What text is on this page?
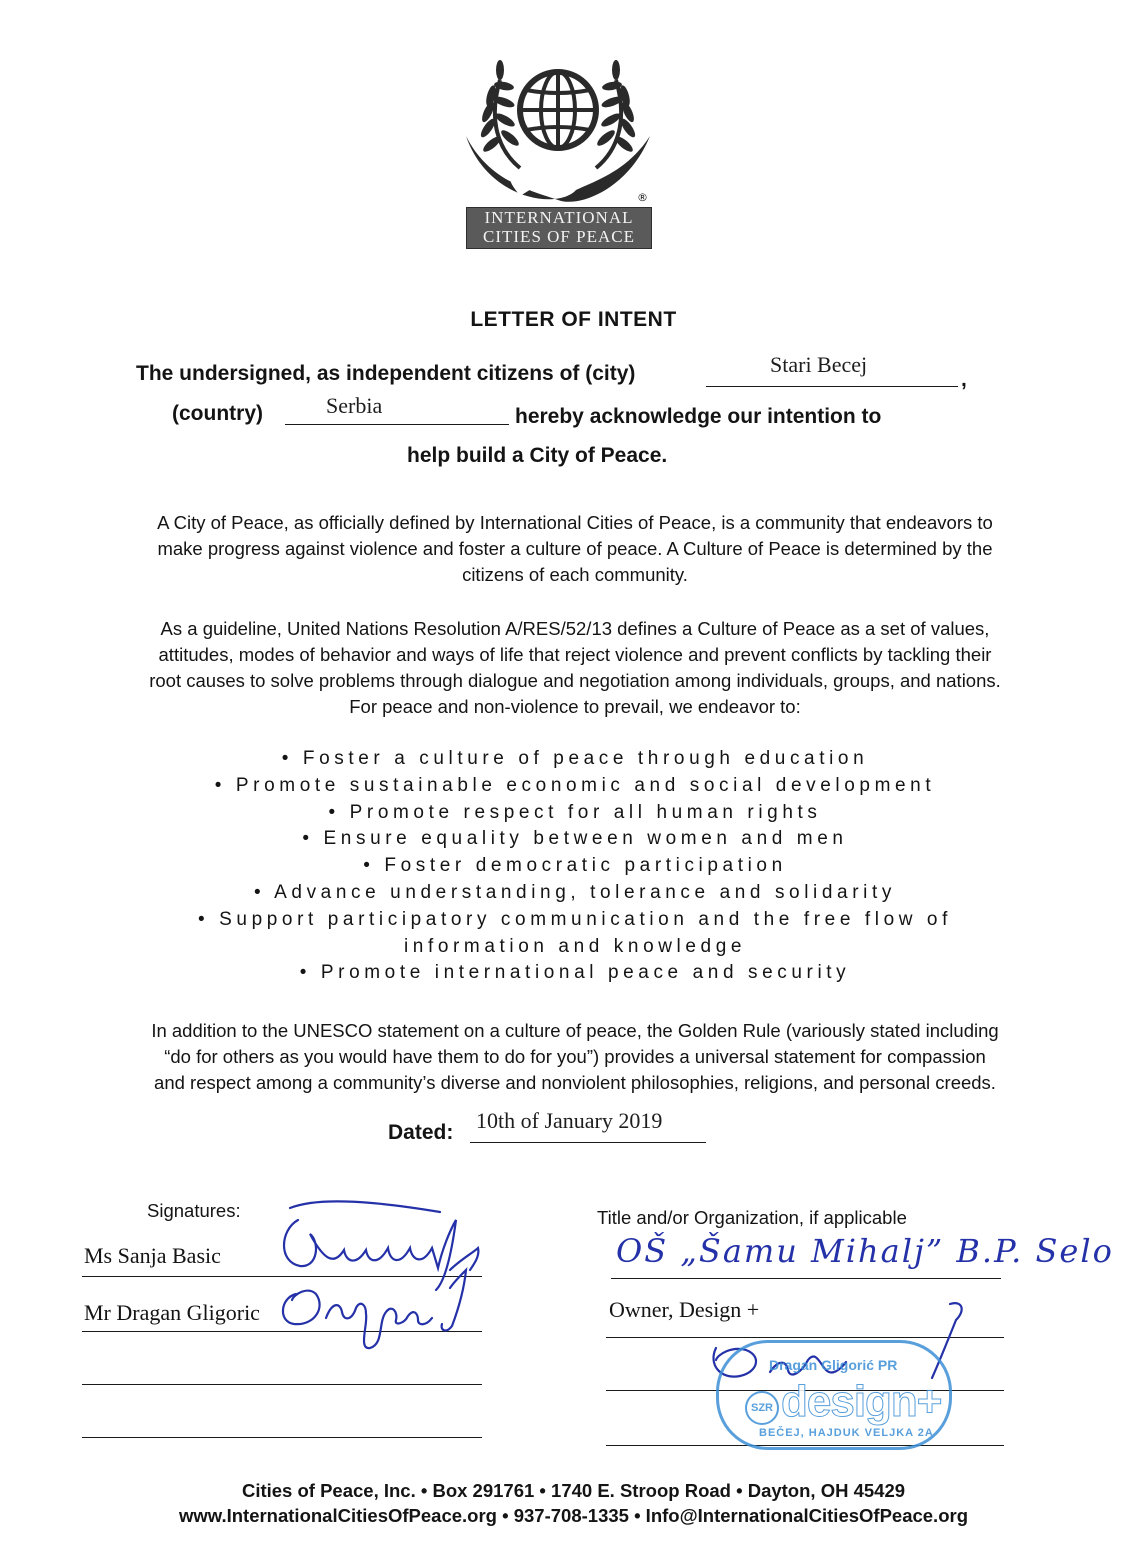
®
INTERNATIONAL
CITIES OF PEACE
LETTER OF INTENT
The undersigned, as independent citizens of (city)	Stari Becej
,
(country)	Serbia	hereby acknowledge our intention to
help build a City of Peace.
A City of Peace, as officially defined by International Cities of Peace, is a community that endeavors to
make progress against violence and foster a culture of peace. A Culture of Peace is determined by the
citizens of each community.
As a guideline, United Nations Resolution A/RES/52/13 defines a Culture of Peace as a set of values,
attitudes, modes of behavior and ways of life that reject violence and prevent conflicts by tackling their
root causes to solve problems through dialogue and negotiation among individuals, groups, and nations.
For peace and non-violence to prevail, we endeavor to:
• Foster a culture of peace through education
• Promote sustainable economic and social development
• Promote respect for all human rights
• Ensure equality between women and men
• Foster democratic participation
• Advance understanding, tolerance and solidarity
• Support participatory communication and the free flow of
information and knowledge
• Promote international peace and security
In addition to the UNESCO statement on a culture of peace, the Golden Rule (variously stated including
“do for others as you would have them to do for you”) provides a universal statement for compassion
and respect among a community’s diverse and nonviolent philosophies, religions, and personal creeds.
Dated: 10th of January 2019
Signatures:
Ms Sanja Basic
Mr Dragan Gligoric
Title and/or Organization, if applicable
OŠ „Šamu Mihalj” B.P. Selo
Owner, Design +
Dragan Gligorić PR
SZR design+
BEČEJ, HAJDUK VELJKA 2A
Cities of Peace, Inc. • Box 291761 • 1740 E. Stroop Road • Dayton, OH 45429
www.InternationalCitiesOfPeace.org • 937-708-1335 • Info@InternationalCitiesOfPeace.org
